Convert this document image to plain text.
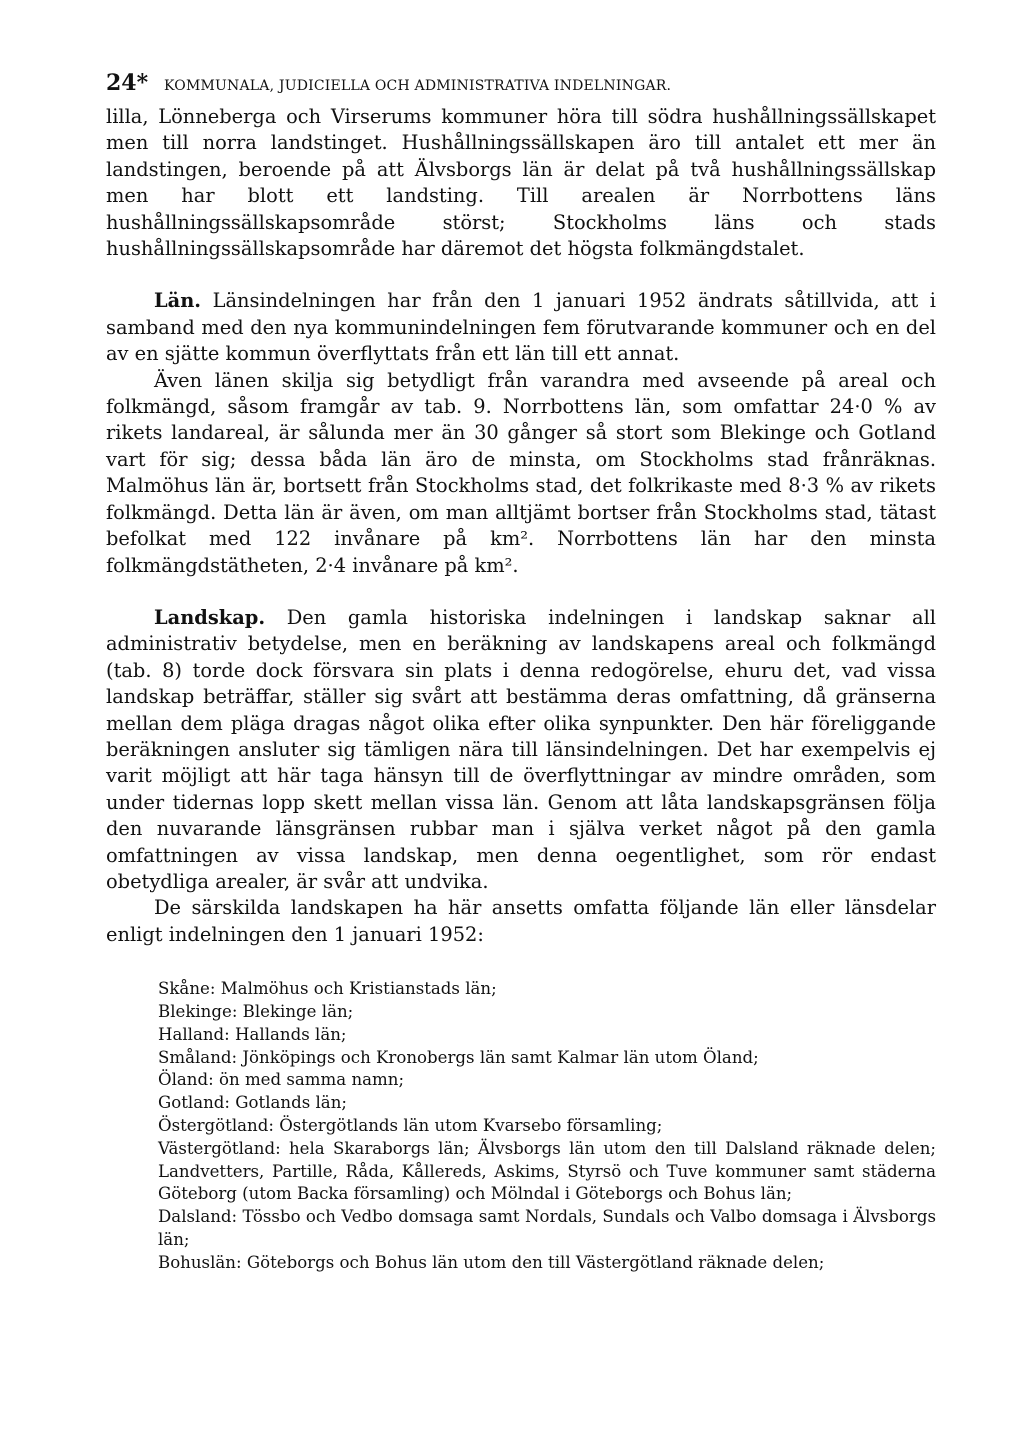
24*	KOMMUNALA, JUDICIELLA OCH ADMINISTRATIVA INDELNINGAR.

lilla, Lönneberga och Virserums kommuner höra till södra hushållningssällskapet men till norra landstinget. Hushållningssällskapen äro till antalet ett mer än landstingen, beroende på att Älvsborgs län är delat på två hushållningssällskap men har blott ett landsting. Till arealen är Norrbottens läns hushållningssällskapsområde störst; Stockholms läns och stads hushållningssällskapsområde har däremot det högsta folkmängdstalet.

Län. Länsindelningen har från den 1 januari 1952 ändrats såtillvida, att i samband med den nya kommunindelningen fem förutvarande kommuner och en del av en sjätte kommun överflyttats från ett län till ett annat.

Även länen skilja sig betydligt från varandra med avseende på areal och folkmängd, såsom framgår av tab. 9. Norrbottens län, som omfattar 24·0 % av rikets landareal, är sålunda mer än 30 gånger så stort som Blekinge och Gotland vart för sig; dessa båda län äro de minsta, om Stockholms stad frånräknas. Malmöhus län är, bortsett från Stockholms stad, det folkrikaste med 8·3 % av rikets folkmängd. Detta län är även, om man alltjämt bortser från Stockholms stad, tätast befolkat med 122 invånare på km². Norrbottens län har den minsta folkmängdstätheten, 2·4 invånare på km².

Landskap. Den gamla historiska indelningen i landskap saknar all administrativ betydelse, men en beräkning av landskapens areal och folkmängd (tab. 8) torde dock försvara sin plats i denna redogörelse, ehuru det, vad vissa landskap beträffar, ställer sig svårt att bestämma deras omfattning, då gränserna mellan dem pläga dragas något olika efter olika synpunkter. Den här föreliggande beräkningen ansluter sig tämligen nära till länsindelningen. Det har exempelvis ej varit möjligt att här taga hänsyn till de överflyttningar av mindre områden, som under tidernas lopp skett mellan vissa län. Genom att låta landskapsgränsen följa den nuvarande länsgränsen rubbar man i själva verket något på den gamla omfattningen av vissa landskap, men denna oegentlighet, som rör endast obetydliga arealer, är svår att undvika.

De särskilda landskapen ha här ansetts omfatta följande län eller länsdelar enligt indelningen den 1 januari 1952:

Skåne: Malmöhus och Kristianstads län;

Blekinge: Blekinge län;

Halland: Hallands län;

Småland: Jönköpings och Kronobergs län samt Kalmar län utom Öland;

Öland: ön med samma namn;

Gotland: Gotlands län;

Östergötland: Östergötlands län utom Kvarsebo församling;

Västergötland: hela Skaraborgs län; Älvsborgs län utom den till Dalsland räknade delen; Landvetters, Partille, Råda, Kållereds, Askims, Styrsö och Tuve kommuner samt städerna Göteborg (utom Backa församling) och Mölndal i Göteborgs och Bohus län;

Dalsland: Tössbo och Vedbo domsaga samt Nordals, Sundals och Valbo domsaga i Älvsborgs län;

Bohuslän: Göteborgs och Bohus län utom den till Västergötland räknade delen;
